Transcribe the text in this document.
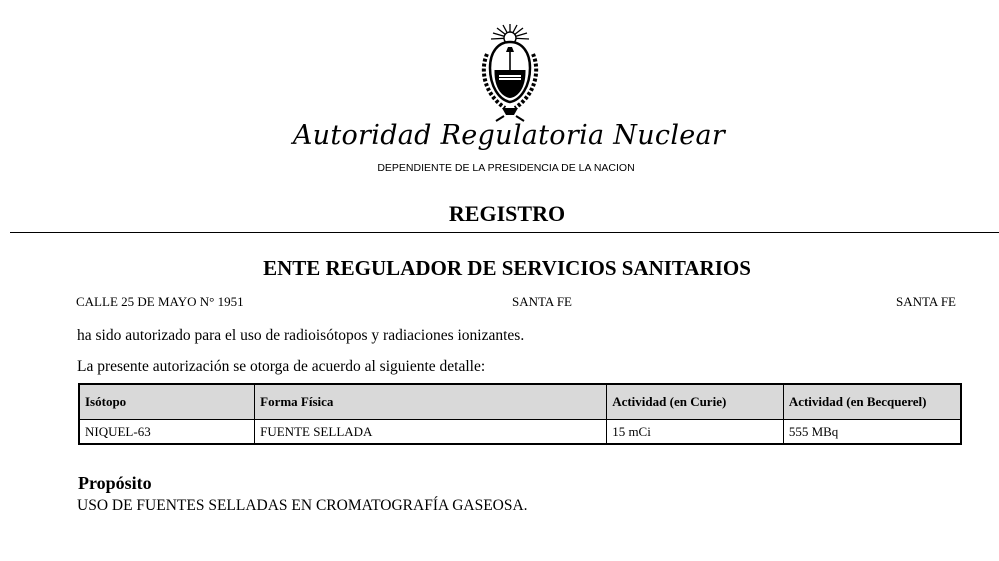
Autoridad Regulatoria Nuclear
DEPENDIENTE DE LA PRESIDENCIA DE LA NACION
REGISTRO
ENTE REGULADOR DE SERVICIOS SANITARIOS
CALLE 25 DE MAYO N° 1951	SANTA FE	SANTA FE
ha sido autorizado para el uso de radioisótopos y radiaciones ionizantes.
La presente autorización se otorga de acuerdo al siguiente detalle:
Isótopo	Forma Física	Actividad (en Curie)	Actividad (en Becquerel)
NIQUEL-63	FUENTE SELLADA	15 mCi	555 MBq
Propósito
USO DE FUENTES SELLADAS EN CROMATOGRAFÍA GASEOSA.
